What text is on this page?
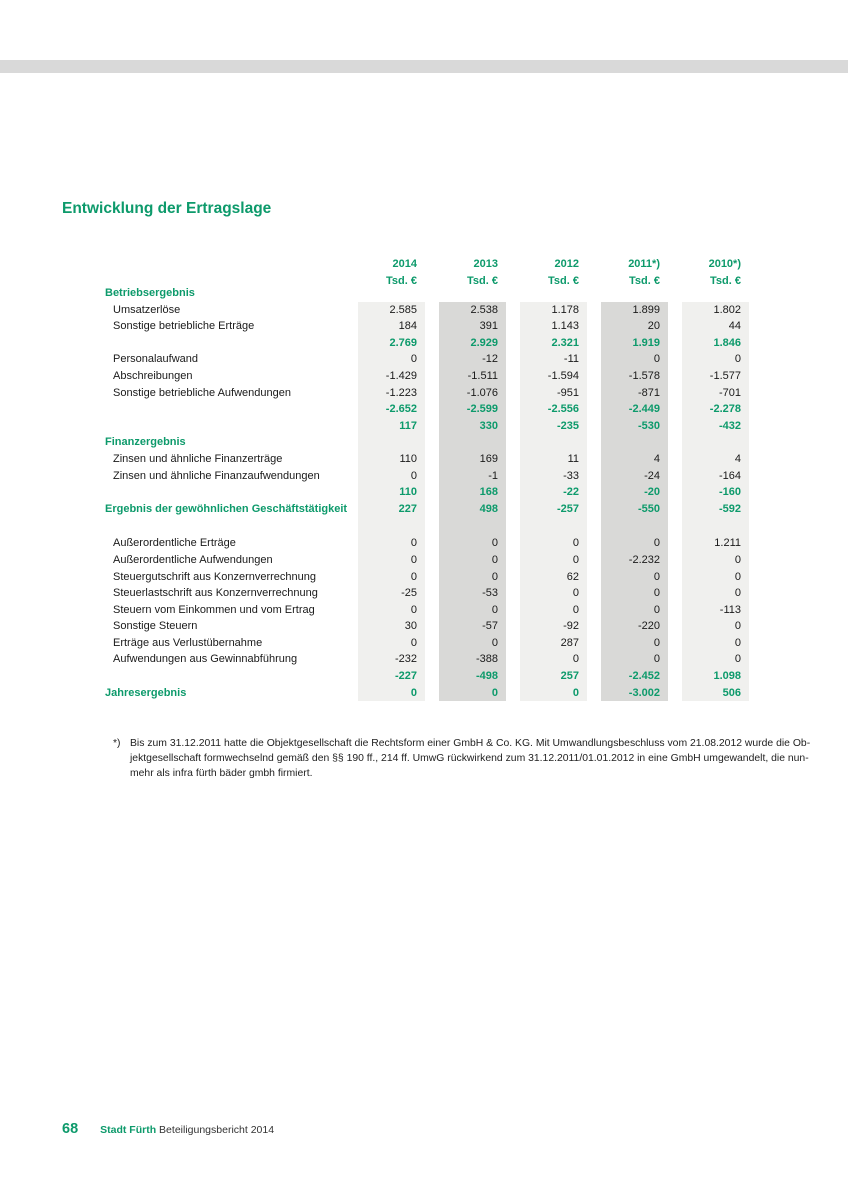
Entwicklung der Ertragslage
2014	2013	2012	2011*)	2010*)
Tsd. €	Tsd. €	Tsd. €	Tsd. €	Tsd. €
Betriebsergebnis
Umsatzerlöse	2.585	2.538	1.178	1.899	1.802
Sonstige betriebliche Erträge	184	391	1.143	20	44
2.769	2.929	2.321	1.919	1.846
Personalaufwand	0	-12	-11	0	0
Abschreibungen	-1.429	-1.511	-1.594	-1.578	-1.577
Sonstige betriebliche Aufwendungen	-1.223	-1.076	-951	-871	-701
-2.652	-2.599	-2.556	-2.449	-2.278
117	330	-235	-530	-432
Finanzergebnis
Zinsen und ähnliche Finanzerträge	110	169	11	4	4
Zinsen und ähnliche Finanzaufwendungen	0	-1	-33	-24	-164
110	168	-22	-20	-160
Ergebnis der gewöhnlichen Geschäftstätigkeit	227	498	-257	-550	-592
Außerordentliche Erträge	0	0	0	0	1.211
Außerordentliche Aufwendungen	0	0	0	-2.232	0
Steuergutschrift aus Konzernverrechnung	0	0	62	0	0
Steuerlastschrift aus Konzernverrechnung	-25	-53	0	0	0
Steuern vom Einkommen und vom Ertrag	0	0	0	0	-113
Sonstige Steuern	30	-57	-92	-220	0
Erträge aus Verlustübernahme	0	0	287	0	0
Aufwendungen aus Gewinnabführung	-232	-388	0	0	0
-227	-498	257	-2.452	1.098
Jahresergebnis	0	0	0	-3.002	506
*) Bis zum 31.12.2011 hatte die Objektgesellschaft die Rechtsform einer GmbH & Co. KG. Mit Umwandlungsbeschluss vom 21.08.2012 wurde die Ob-
jektgesellschaft formwechselnd gemäß den §§ 190 ff., 214 ff. UmwG rückwirkend zum 31.12.2011/01.01.2012 in eine GmbH umgewandelt, die nun-
mehr als infra fürth bäder gmbh firmiert.
68 Stadt Fürth Beteiligungsbericht 2014
